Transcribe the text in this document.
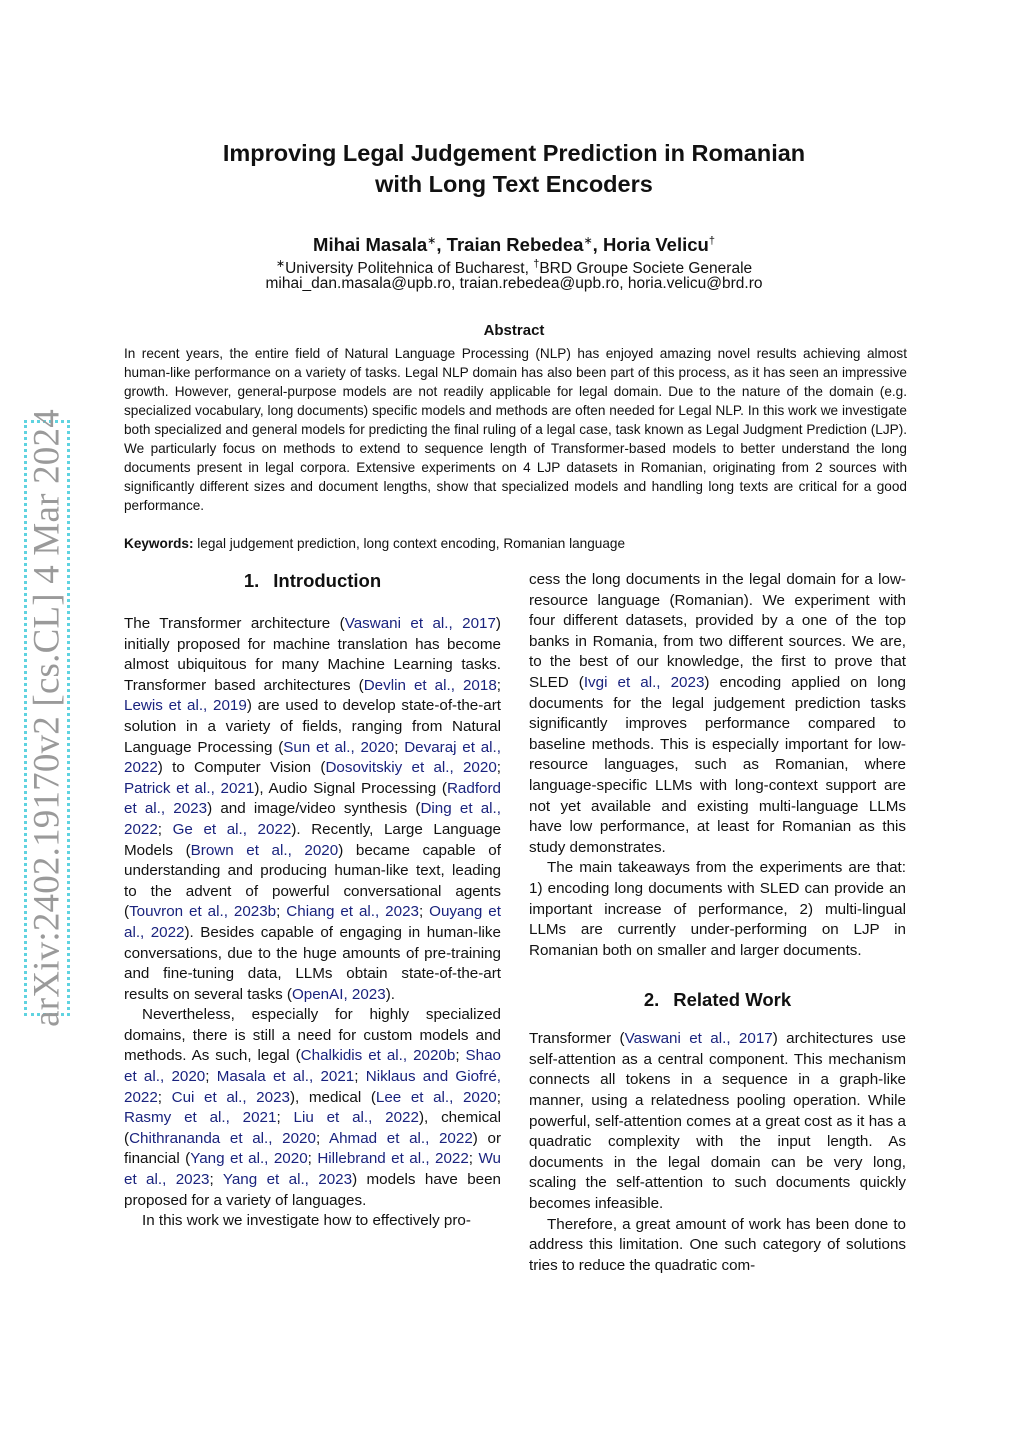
arXiv:2402.19170v2 [cs.CL] 4 Mar 2024
Improving Legal Judgement Prediction in Romanian
with Long Text Encoders
Mihai Masala∗, Traian Rebedea∗, Horia Velicu†
∗University Politehnica of Bucharest, †BRD Groupe Societe Generale
mihai_dan.masala@upb.ro, traian.rebedea@upb.ro, horia.velicu@brd.ro
Abstract

In recent years, the entire field of Natural Language Processing (NLP) has enjoyed amazing novel results achieving almost human-like performance on a variety of tasks. Legal NLP domain has also been part of this process, as it has seen an impressive growth. However, general-purpose models are not readily applicable for legal domain. Due to the nature of the domain (e.g. specialized vocabulary, long documents) specific models and methods are often needed for Legal NLP. In this work we investigate both specialized and general models for predicting the final ruling of a legal case, task known as Legal Judgment Prediction (LJP). We particularly focus on methods to extend to sequence length of Transformer-based models to better understand the long documents present in legal corpora. Extensive experiments on 4 LJP datasets in Romanian, originating from 2 sources with significantly different sizes and document lengths, show that specialized models and handling long texts are critical for a good performance.

Keywords: legal judgement prediction, long context encoding, Romanian language
1. Introduction

The Transformer architecture (Vaswani et al., 2017) initially proposed for machine translation has become almost ubiquitous for many Machine Learning tasks. Transformer based architectures (Devlin et al., 2018; Lewis et al., 2019) are used to develop state-of-the-art solution in a variety of fields, ranging from Natural Language Processing (Sun et al., 2020; Devaraj et al., 2022) to Computer Vision (Dosovitskiy et al., 2020; Patrick et al., 2021), Audio Signal Processing (Radford et al., 2023) and image/video synthesis (Ding et al., 2022; Ge et al., 2022). Recently, Large Language Models (Brown et al., 2020) became capable of understanding and producing human-like text, leading to the advent of powerful conversational agents (Touvron et al., 2023b; Chiang et al., 2023; Ouyang et al., 2022). Besides capable of engaging in human-like conversations, due to the huge amounts of pre-training and fine-tuning data, LLMs obtain state-of-the-art results on several tasks (OpenAI, 2023).

Nevertheless, especially for highly specialized domains, there is still a need for custom models and methods. As such, legal (Chalkidis et al., 2020b; Shao et al., 2020; Masala et al., 2021; Niklaus and Giofré, 2022; Cui et al., 2023), medical (Lee et al., 2020; Rasmy et al., 2021; Liu et al., 2022), chemical (Chithrananda et al., 2020; Ahmad et al., 2022) or financial (Yang et al., 2020; Hillebrand et al., 2022; Wu et al., 2023; Yang et al., 2023) models have been proposed for a variety of languages.

In this work we investigate how to effectively pro-

cess the long documents in the legal domain for a low-resource language (Romanian). We experiment with four different datasets, provided by a one of the top banks in Romania, from two different sources. We are, to the best of our knowledge, the first to prove that SLED (Ivgi et al., 2023) encoding applied on long documents for the legal judgement prediction tasks significantly improves performance compared to baseline methods. This is especially important for low-resource languages, such as Romanian, where language-specific LLMs with long-context support are not yet available and existing multi-language LLMs have low performance, at least for Romanian as this study demonstrates.

The main takeaways from the experiments are that: 1) encoding long documents with SLED can provide an important increase of performance, 2) multi-lingual LLMs are currently under-performing on LJP in Romanian both on smaller and larger documents.

2. Related Work

Transformer (Vaswani et al., 2017) architectures use self-attention as a central component. This mechanism connects all tokens in a sequence in a graph-like manner, using a relatedness pooling operation. While powerful, self-attention comes at a great cost as it has a quadratic complexity with the input length. As documents in the legal domain can be very long, scaling the self-attention to such documents quickly becomes infeasible.

Therefore, a great amount of work has been done to address this limitation. One such category of solutions tries to reduce the quadratic com-
